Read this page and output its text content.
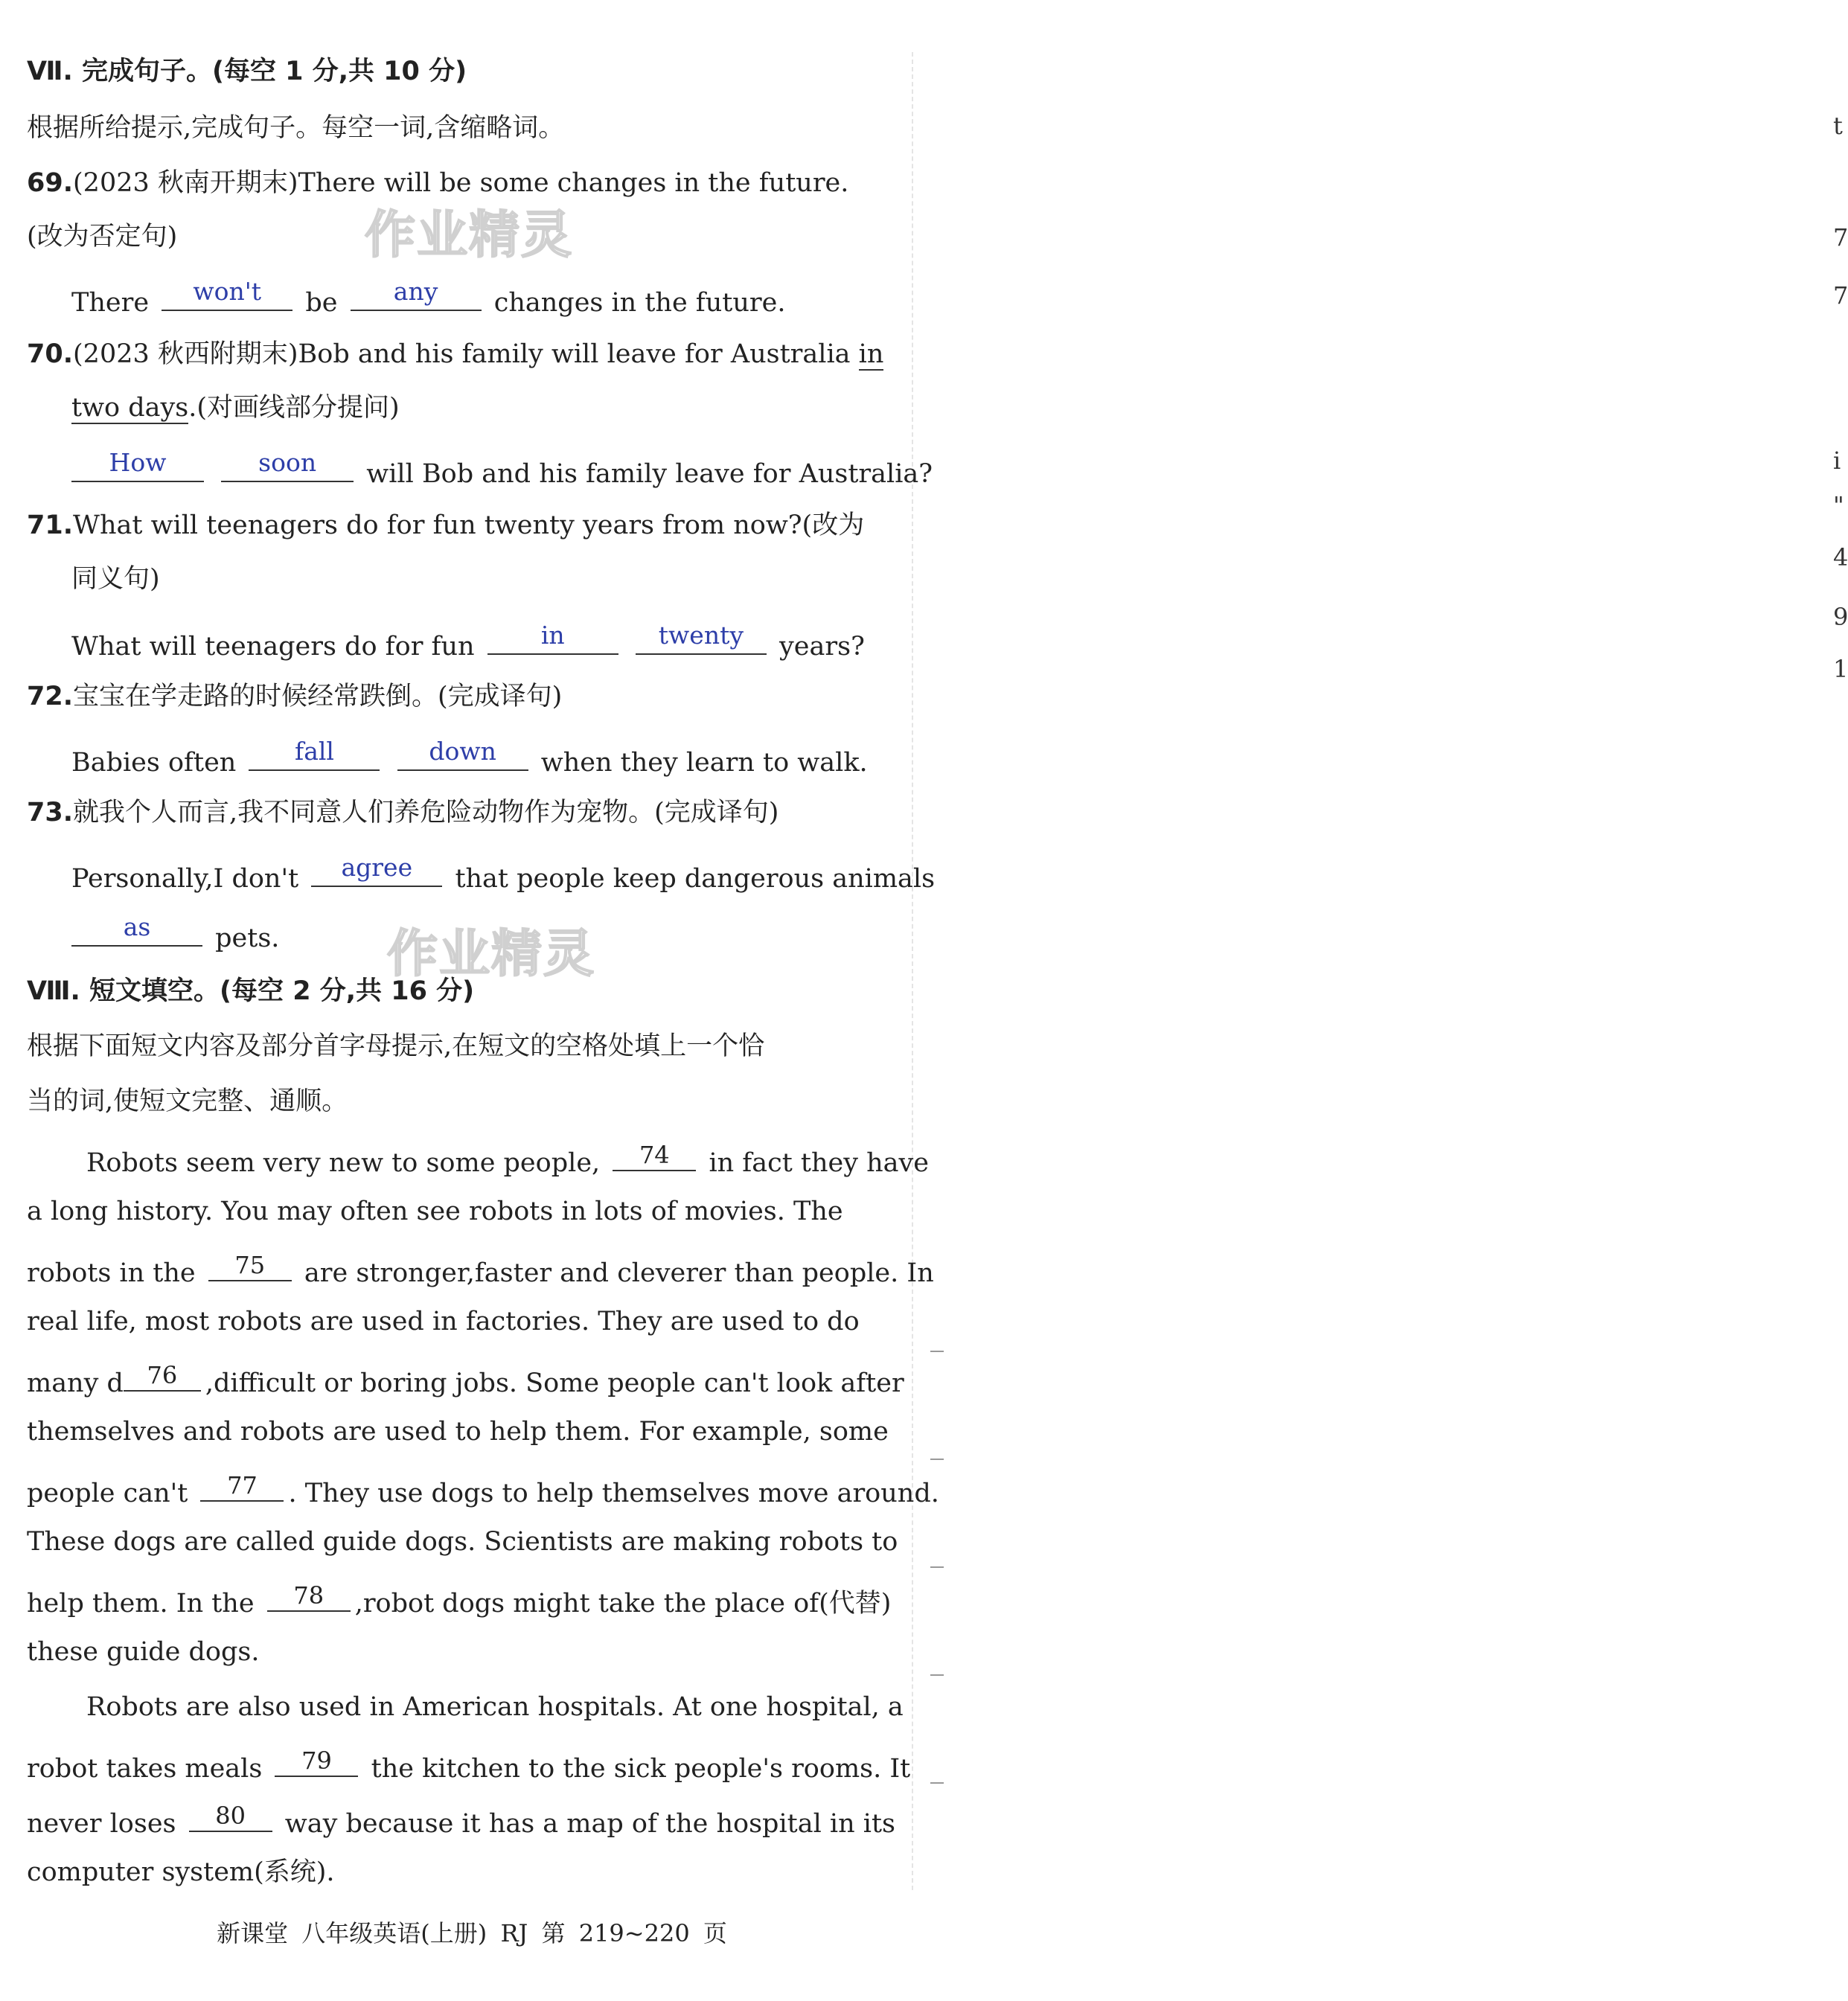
作业精灵
作业精灵
Ⅶ. 完成句子。(每空 1 分,共 10 分)
根据所给提示,完成句子。每空一词,含缩略词。
69.(2023 秋南开期末)There will be some changes in the future.
(改为否定句)
There	won't	be	any	changes in the future.
70.(2023 秋西附期末)Bob and his family will leave for Australia in
two days.(对画线部分提问)
How
	soon	will Bob and his family leave for Australia?
71.What will teenagers do for fun twenty years from now?(改为
同义句)
What will teenagers do for fun	in
	twenty	years?
72.宝宝在学走路的时候经常跌倒。(完成译句)
Babies often	fall
	down	when they learn to walk.
73.就我个人而言,我不同意人们养危险动物作为宠物。(完成译句)
Personally,I don't	agree	that people keep dangerous animals
as	pets.
Ⅷ. 短文填空。(每空 2 分,共 16 分)
根据下面短文内容及部分首字母提示,在短文的空格处填上一个恰
当的词,使短文完整、通顺。
Robots seem very new to some people,	74	in fact they have
a long history. You may often see robots in lots of movies. The
robots in the	75	are stronger,faster and cleverer than people. In
real life, most robots are used in factories. They are used to do
many d 76	,difficult or boring jobs. Some people can't look after
themselves and robots are used to help them. For example, some
people can't	77	. They use dogs to help themselves move around.
These dogs are called guide dogs. Scientists are making robots to
help them. In the	78	,robot dogs might take the place of(代替)
these guide dogs.
Robots are also used in American hospitals. At one hospital, a
robot takes meals	79	the kitchen to the sick people's rooms. It
never loses	80	way because it has a map of the hospital in its
computer system(系统).
t
7
7
i
"
4
9
1
新课堂 八年级英语(上册) RJ 第 219~220 页
